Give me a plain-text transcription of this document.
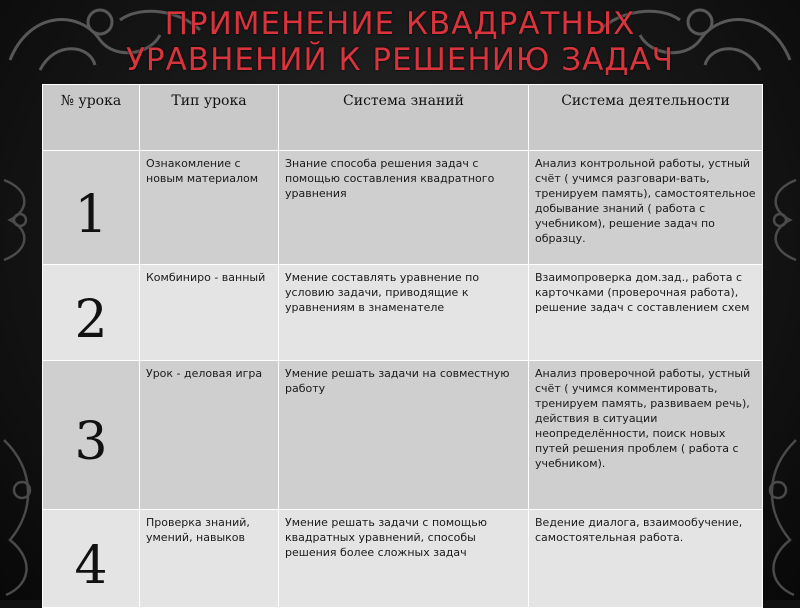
ПРИМЕНЕНИЕ КВАДРАТНЫХ
УРАВНЕНИЙ К РЕШЕНИЮ ЗАДАЧ
№ урока	Тип урока	Система знаний	Система деятельности

1	Ознакомление с новым материалом	Знание способа решения задач с помощью составления квадратного уравнения	Анализ контрольной работы, устный счёт ( учимся разговари-вать, тренируем память), самостоятельное добывание знаний ( работа с учебником), решение задач по образцу.

2	Комбиниро - ванный	Умение составлять уравнение по условию задачи, приводящие к уравнениям в знаменателе	Взаимопроверка дом.зад., работа с карточками (проверочная работа), решение задач с составлением схем

3	Урок - деловая игра	Умение решать задачи на совместную работу	Анализ проверочной работы, устный счёт ( учимся комментировать, тренируем память, развиваем речь), действия в ситуации неопределённости, поиск новых путей решения проблем ( работа с учебником).

4	Проверка знаний, умений, навыков	Умение решать задачи с помощью квадратных уравнений, способы решения более сложных задач	Ведение диалога, взаимообучение, самостоятельная работа.
